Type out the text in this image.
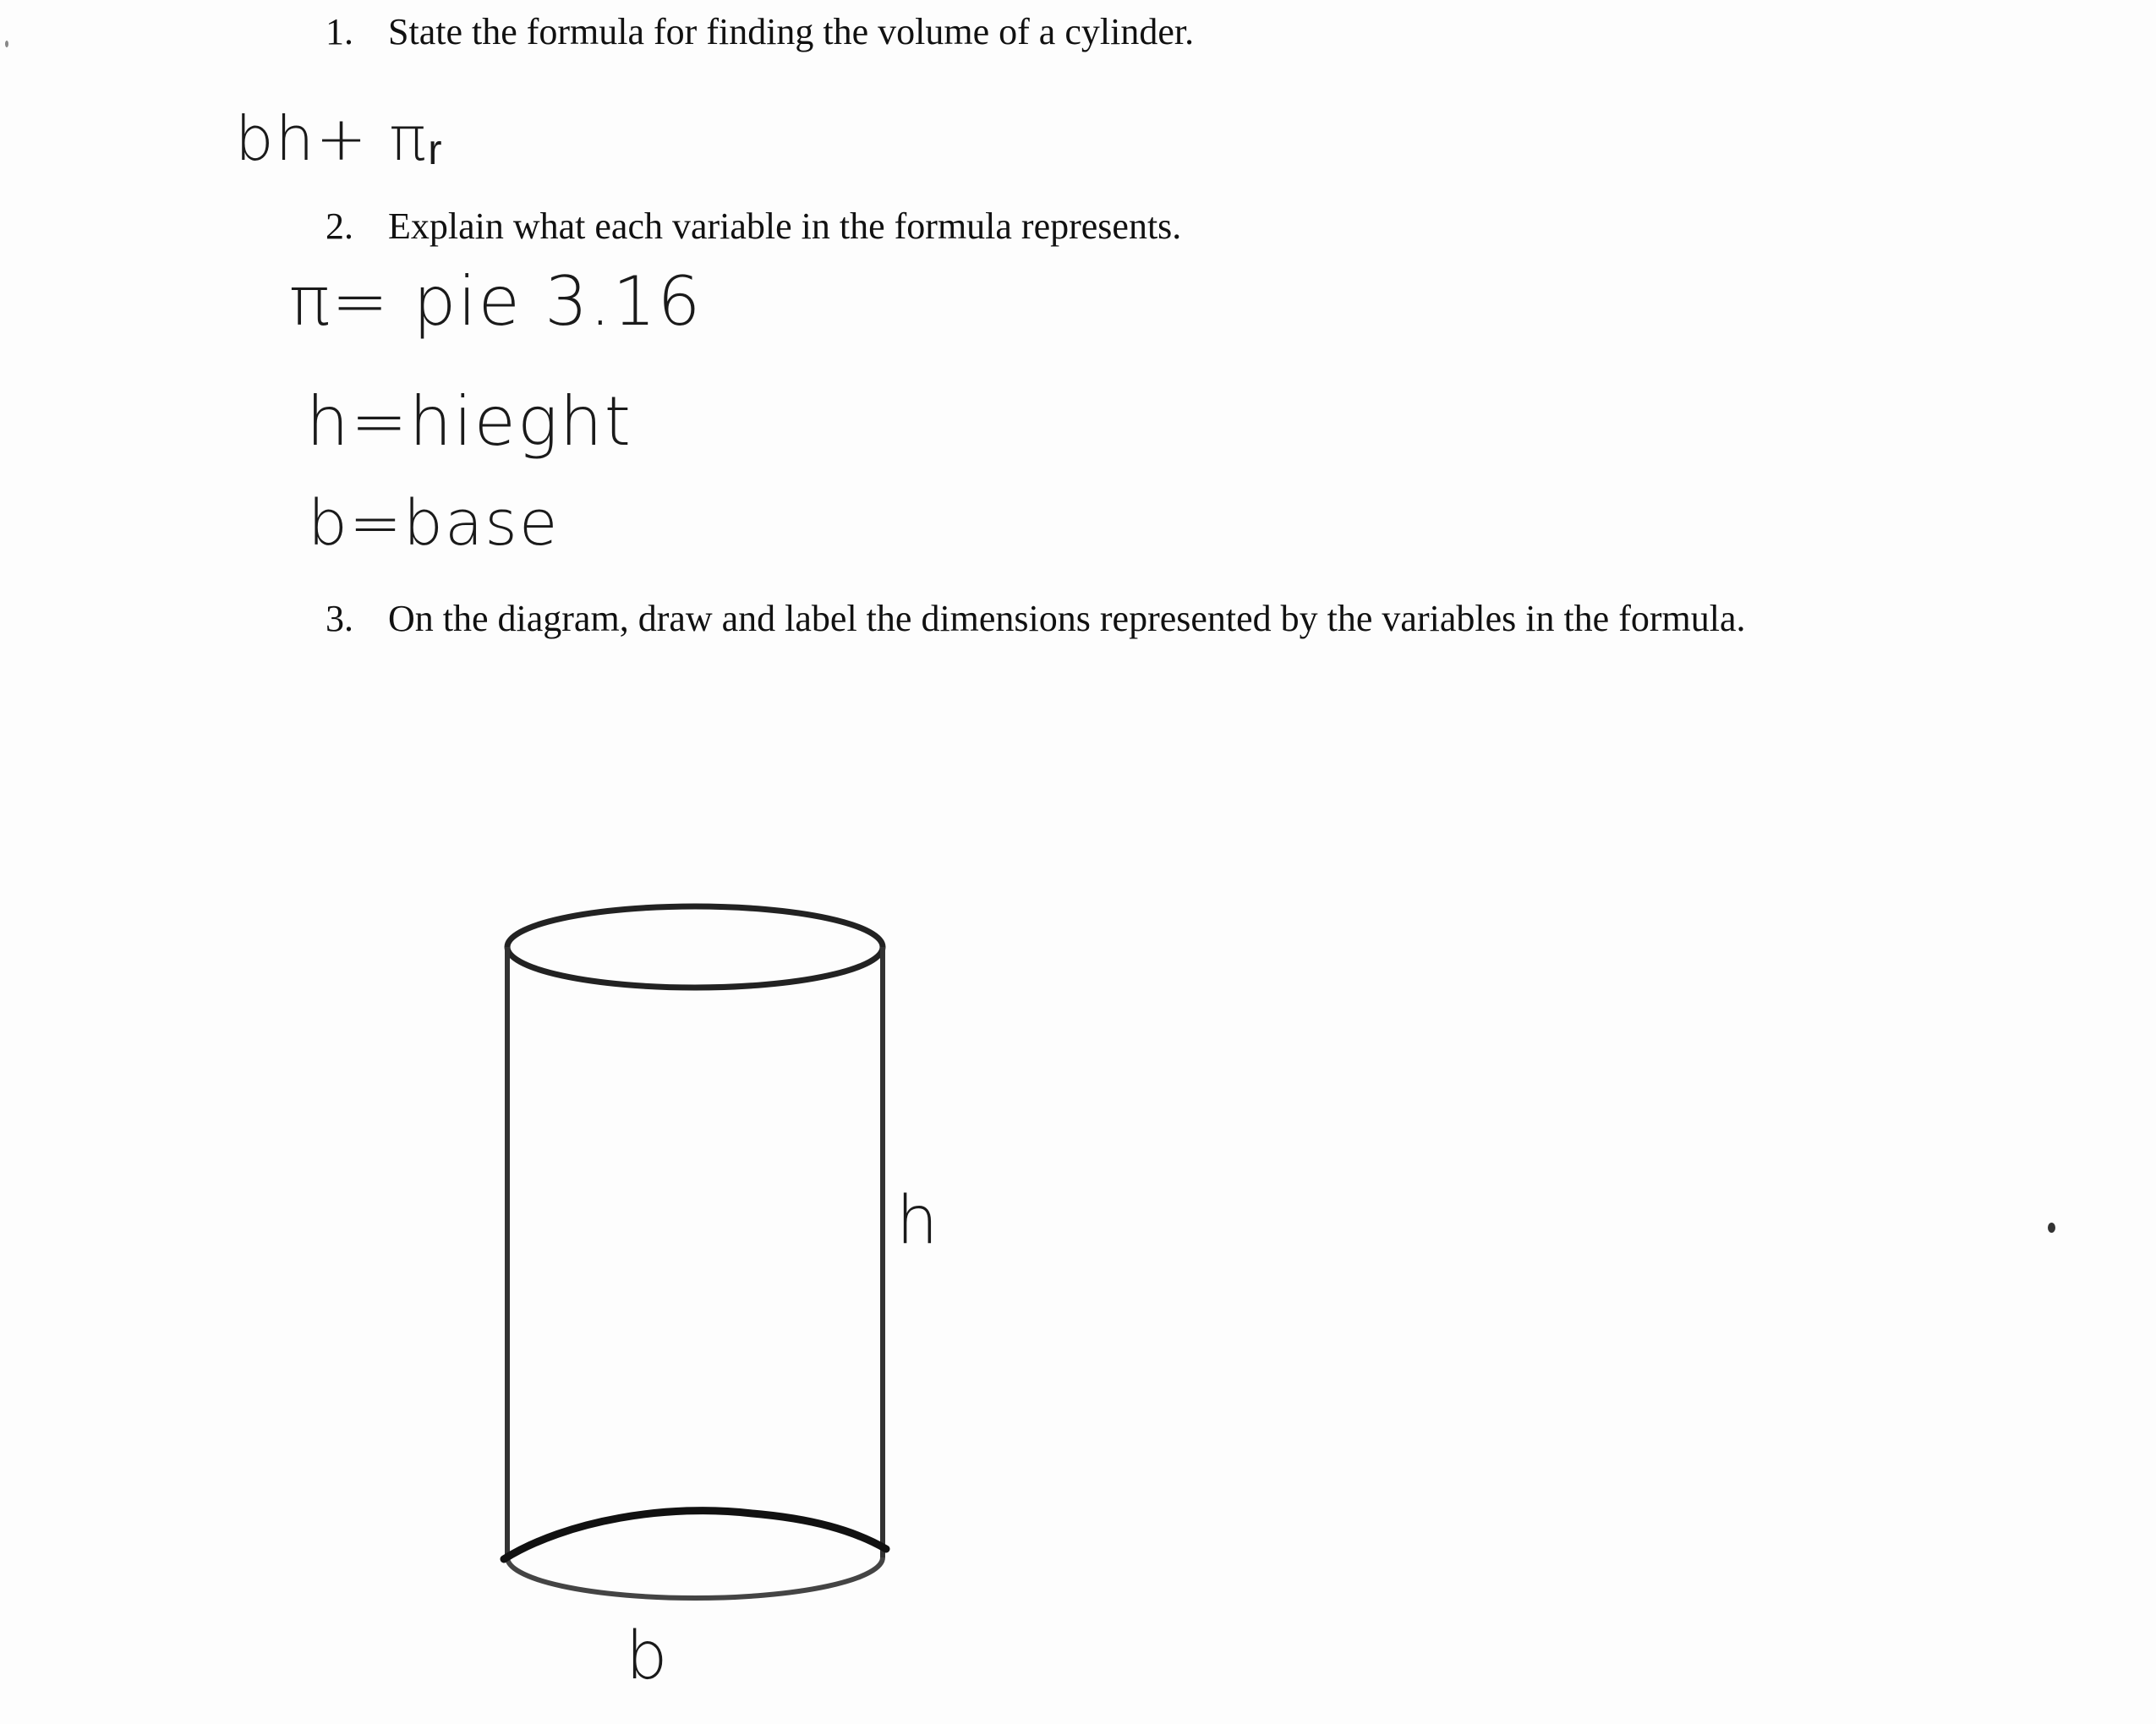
1. State the formula for finding the volume of a cylinder.
bh+ πᵣ
2. Explain what each variable in the formula represents.
π= pie 3.16
h=hieght
b=base
3. On the diagram, draw and label the dimensions represented by the variables in the formula.
h
b
